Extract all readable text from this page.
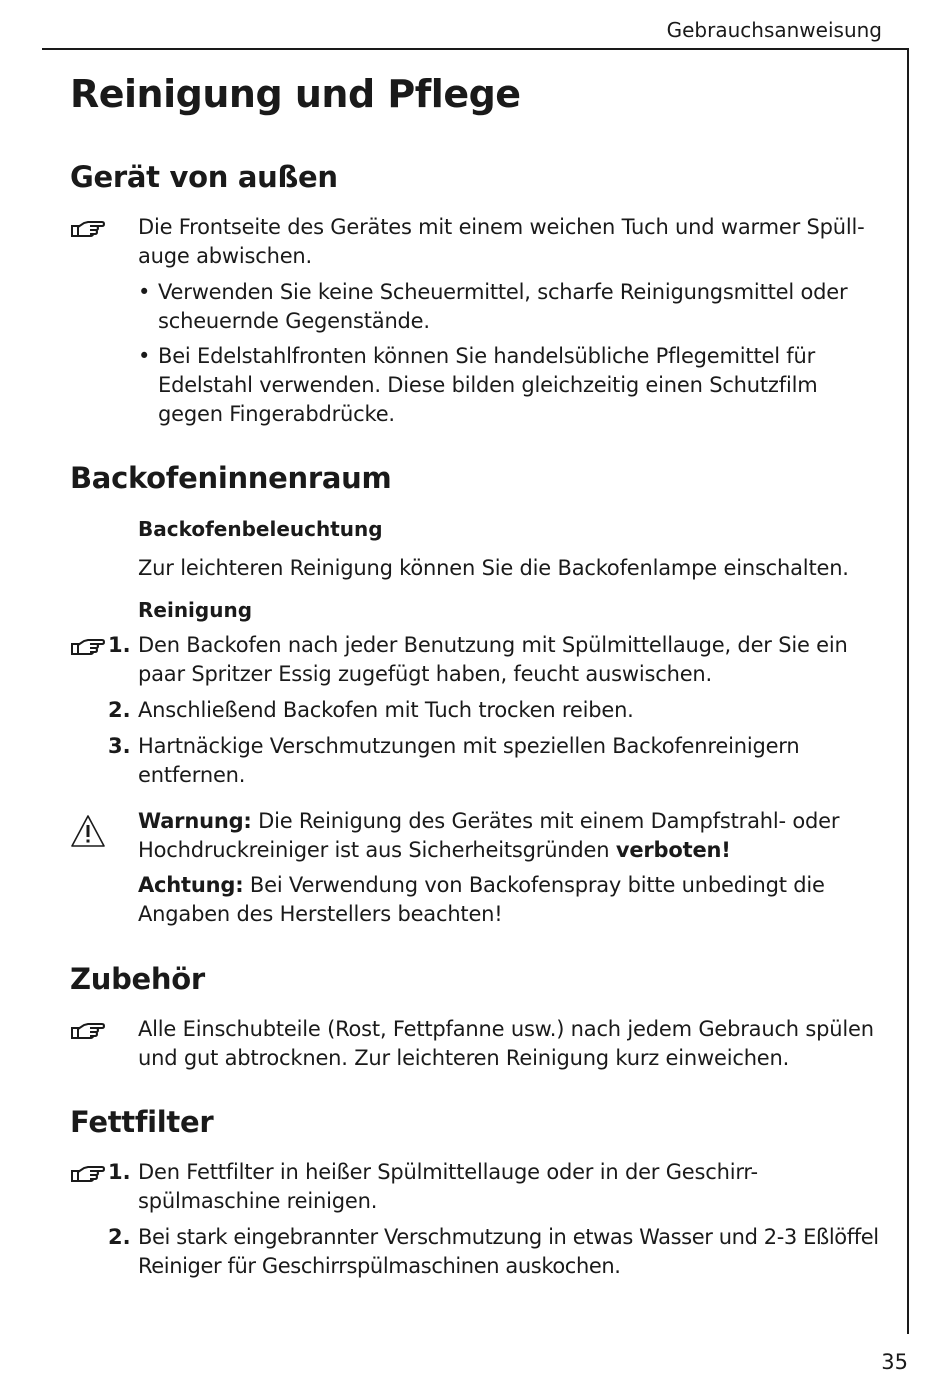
Gebrauchsanweisung
Reinigung und Pflege
Gerät von außen
Die Frontseite des Gerätes mit einem weichen Tuch und warmer Spüll-
auge abwischen.
• Verwenden Sie keine Scheuermittel, scharfe Reinigungsmittel oder
scheuernde Gegenstände.
• Bei Edelstahlfronten können Sie handelsübliche Pflegemittel für
Edelstahl verwenden. Diese bilden gleichzeitig einen Schutzfilm
gegen Fingerabdrücke.
Backofeninnenraum
Backofenbeleuchtung
Zur leichteren Reinigung können Sie die Backofenlampe einschalten.
Reinigung
1. Den Backofen nach jeder Benutzung mit Spülmittellauge, der Sie ein
paar Spritzer Essig zugefügt haben, feucht auswischen.
2. Anschließend Backofen mit Tuch trocken reiben.
3. Hartnäckige Verschmutzungen mit speziellen Backofenreinigern
entfernen.
Warnung: Die Reinigung des Gerätes mit einem Dampfstrahl- oder
Hochdruckreiniger ist aus Sicherheitsgründen verboten!
Achtung: Bei Verwendung von Backofenspray bitte unbedingt die
Angaben des Herstellers beachten!
Zubehör
Alle Einschubteile (Rost, Fettpfanne usw.) nach jedem Gebrauch spülen
und gut abtrocknen. Zur leichteren Reinigung kurz einweichen.
Fettfilter
1. Den Fettfilter in heißer Spülmittellauge oder in der Geschirr-
spülmaschine reinigen.
2. Bei stark eingebrannter Verschmutzung in etwas Wasser und 2-3 Eßlöffel
Reiniger für Geschirrspülmaschinen auskochen.
35
